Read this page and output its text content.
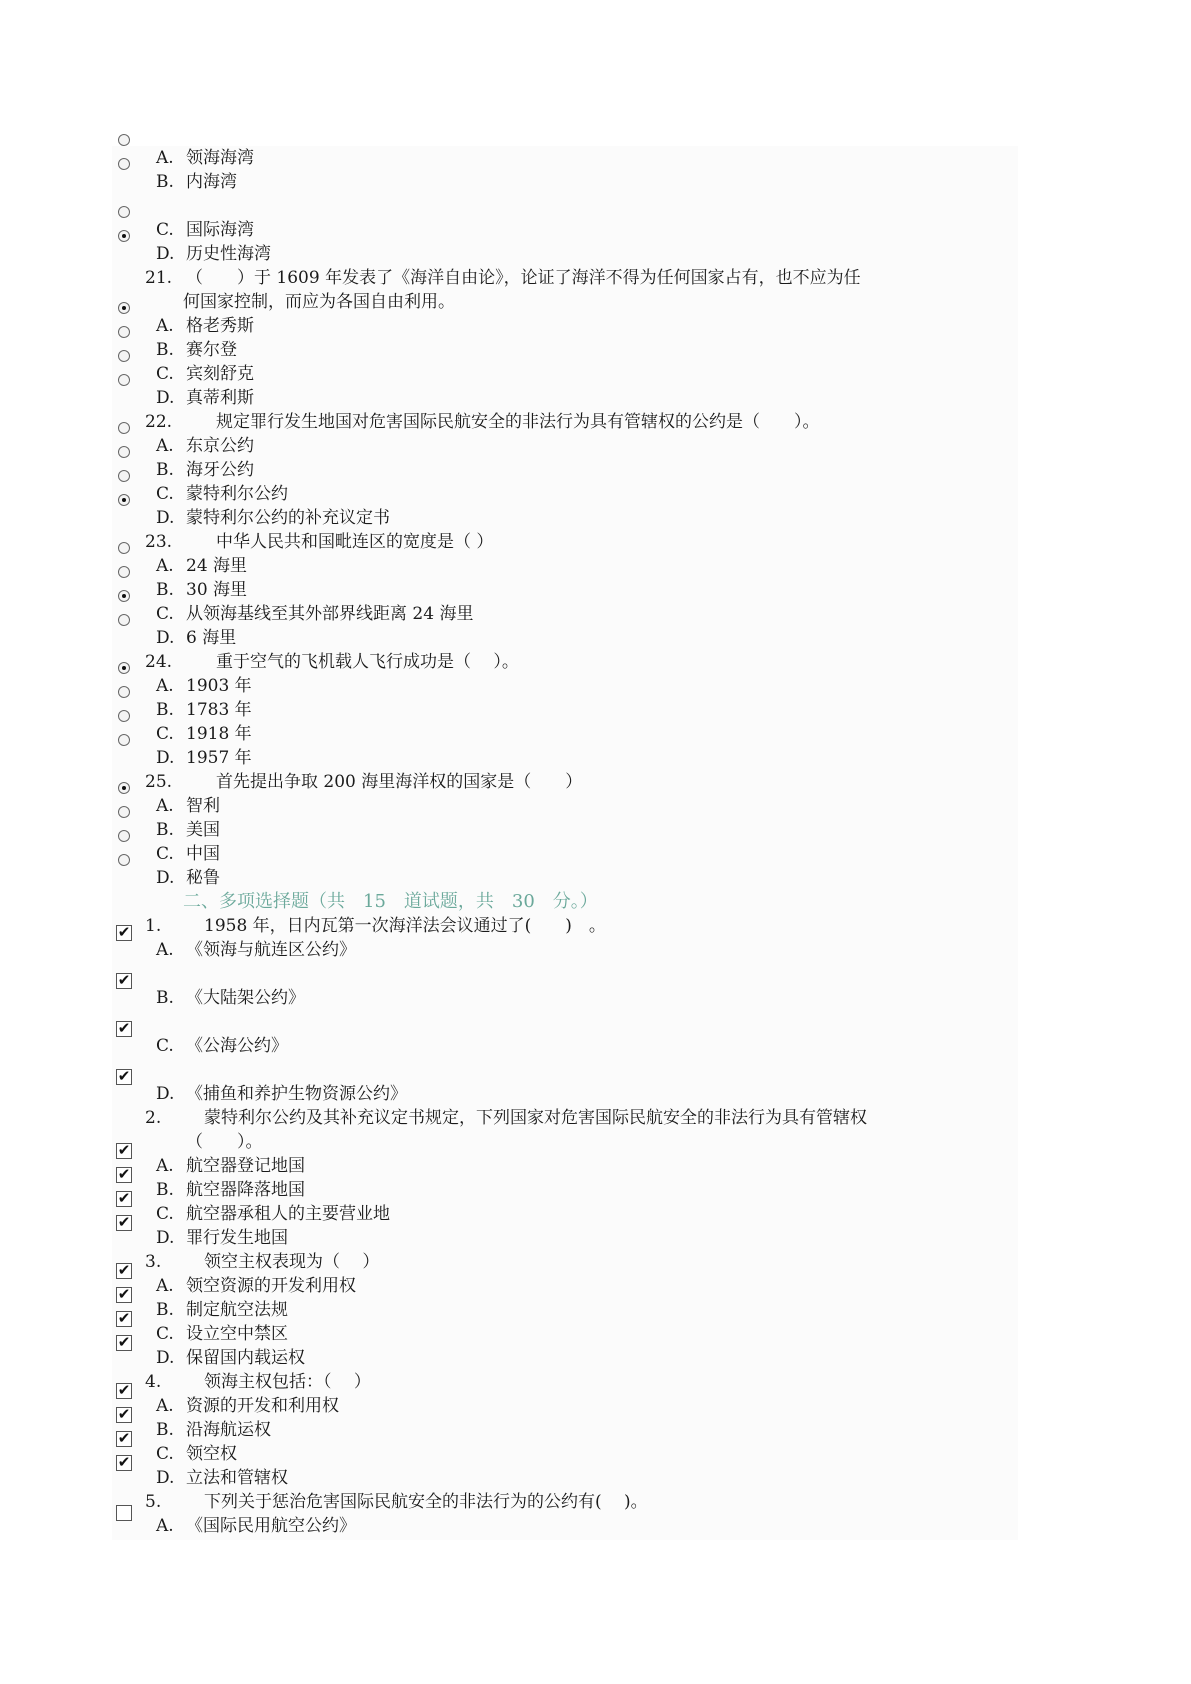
A. 领海海湾
B. 内海湾
C. 国际海湾
D. 历史性海湾
21. （　　）于 1609 年发表了《海洋自由论》，论证了海洋不得为任何国家占有，也不应为任
何国家控制，而应为各国自由利用。
A. 格老秀斯
B. 赛尔登
C. 宾刻舒克
D. 真蒂利斯
22.	规定罪行发生地国对危害国际民航安全的非法行为具有管辖权的公约是（　　）。
A. 东京公约
B. 海牙公约
C. 蒙特利尔公约
D. 蒙特利尔公约的补充议定书
23.	中华人民共和国毗连区的宽度是（ ）
A. 24 海里
B. 30 海里
C. 从领海基线至其外部界线距离 24 海里
D. 6 海里
24.	重于空气的飞机载人飞行成功是（　 ）。
A. 1903 年
B. 1783 年
C. 1918 年
D. 1957 年
25.	首先提出争取 200 海里海洋权的国家是（　　）
A. 智利
B. 美国
C. 中国
D. 秘鲁
二、多项选择题（共　15　道试题，共　30　分。）
✔ 1.	1958 年，日内瓦第一次海洋法会议通过了(　　)　。
A. 《领海与航连区公约》
✔
B. 《大陆架公约》
✔
C. 《公海公约》
✔
D. 《捕鱼和养护生物资源公约》
2.	蒙特利尔公约及其补充议定书规定，下列国家对危害国际民航安全的非法行为具有管辖权
（　　）。
✔
✔
✔
✔
A. 航空器登记地国
B. 航空器降落地国
C. 航空器承租人的主要营业地
D. 罪行发生地国
3.	领空主权表现为（　 ）
✔
✔
✔
✔
A. 领空资源的开发利用权
B. 制定航空法规
C. 设立空中禁区
D. 保留国内载运权
4.	领海主权包括：（　 ）
✔
✔
✔
✔
A. 资源的开发和利用权
B. 沿海航运权
C. 领空权
D. 立法和管辖权
5.	下列关于惩治危害国际民航安全的非法行为的公约有(　 )。
A. 《国际民用航空公约》
